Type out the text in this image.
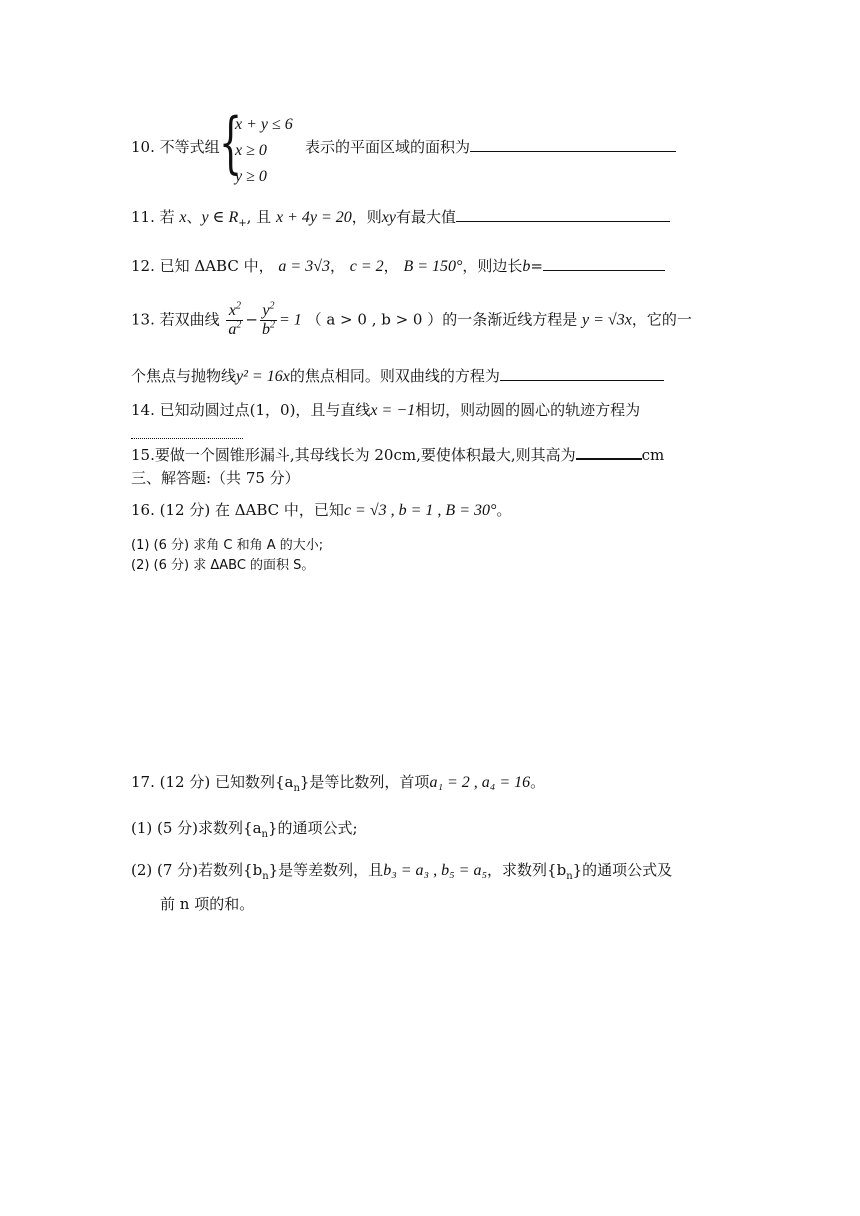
10. 不等式组 {
x + y ≤ 6
x ≥ 0
y ≥ 0
表示的平面区域的面积为
11. 若 x、y ∈ $R_+$, 且 x + 4y = 20，则xy有最大值
12. 已知 ΔABC 中， a = 3√3， c = 2， B = 150°，则边长b=
13. 若双曲线 $\frac{x^2}{a^2} - \frac{y^2}{b^2} = 1$ （ a > 0 , b > 0 ）的一条渐近线方程是 y = √3x，它的一
个焦点与抛物线y² = 16x的焦点相同。则双曲线的方程为
14. 已知动圆过点(1，0)，且与直线x = −1相切，则动圆的圆心的轨迹方程为
15.要做一个圆锥形漏斗,其母线长为 20cm,要使体积最大,则其高为	cm
三、解答题:（共 75 分）
16. (12 分) 在 ΔABC 中，已知c = √3 , b = 1 , B = 30°。
(1) (6 分) 求角 C 和角 A 的大小;
(2) (6 分) 求 ΔABC 的面积 S。
17. (12 分) 已知数列$\{a_n\}$是等比数列，首项a₁ = 2 , a₄ = 16。
(1) (5 分)求数列$\{a_n\}$的通项公式;
(2) (7 分)若数列$\{b_n\}$是等差数列，且b₃ = a₃ , b₅ = a₅，求数列$\{b_n\}$的通项公式及
前 n 项的和。
